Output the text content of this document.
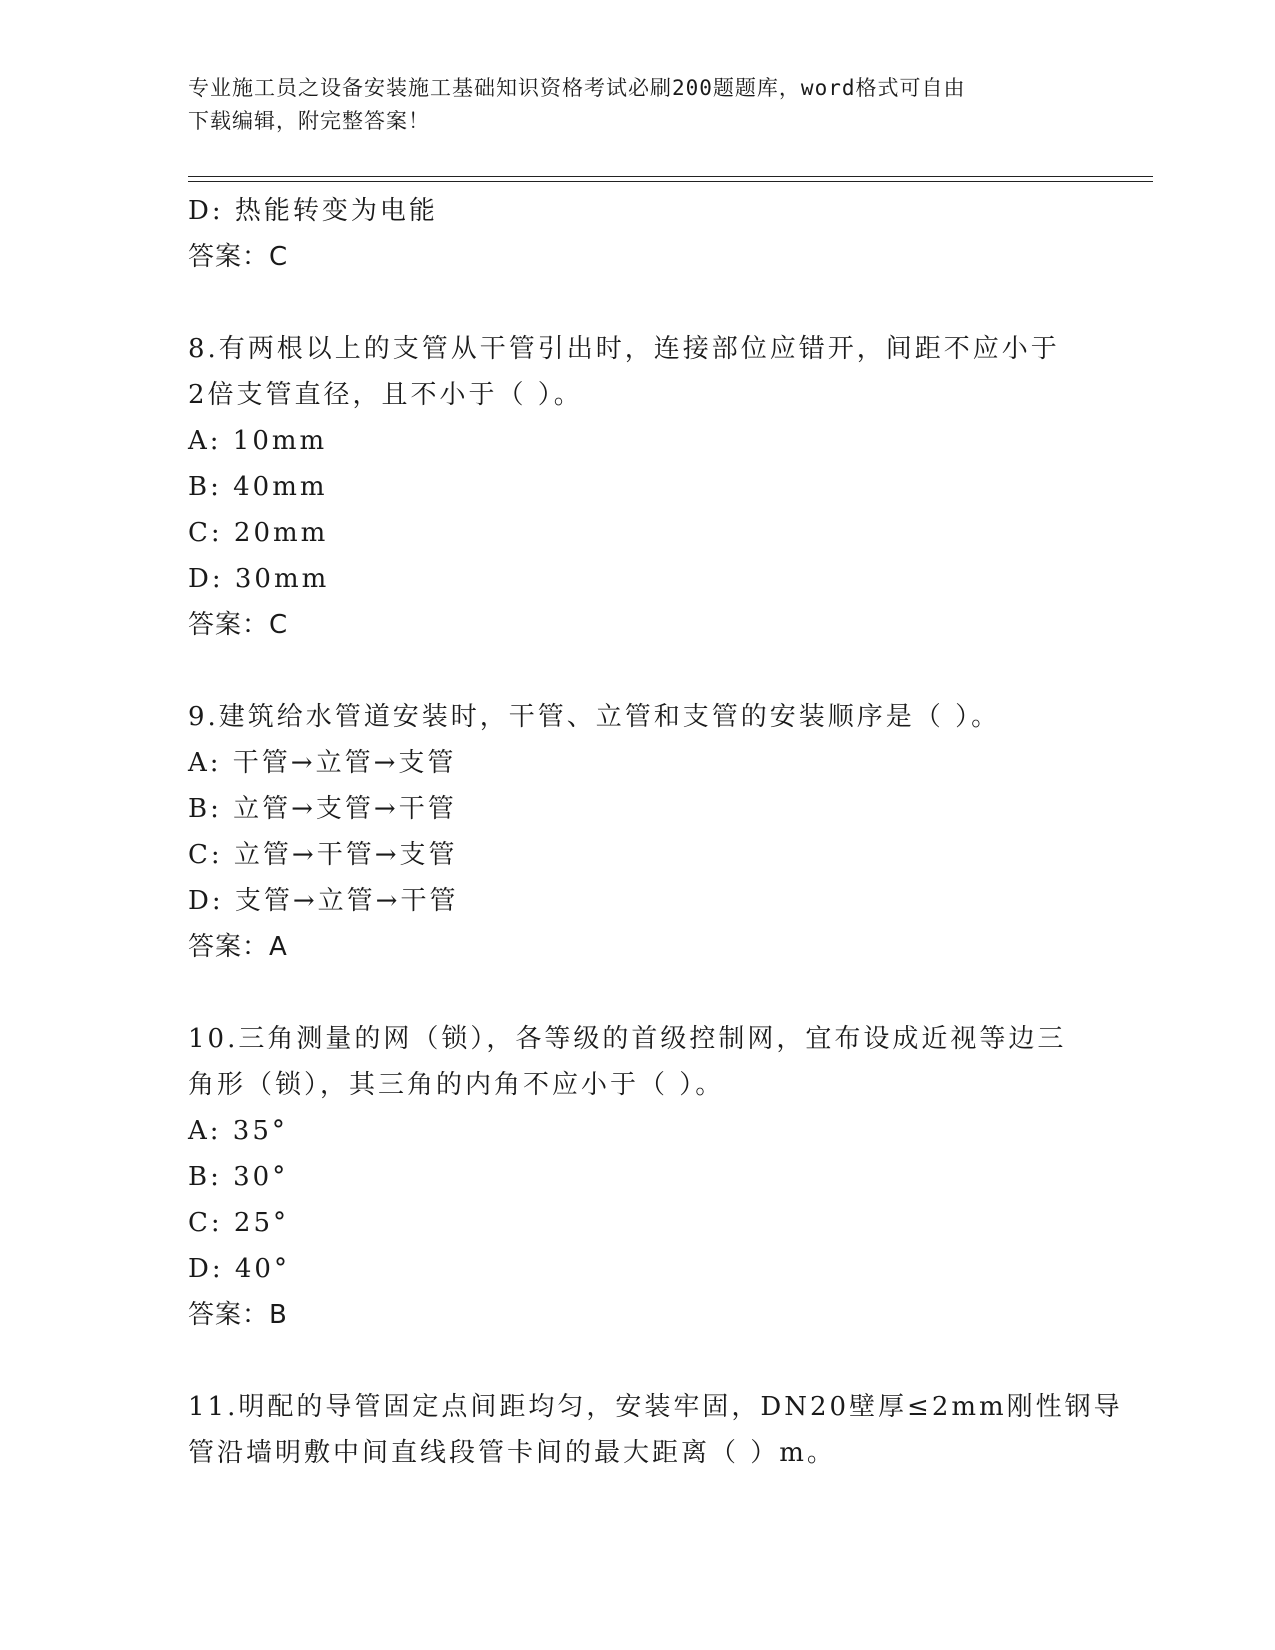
专业施工员之设备安装施工基础知识资格考试必刷200题题库，word格式可自由
下载编辑，附完整答案！
D: 热能转变为电能
答案：C
8.有两根以上的支管从干管引出时，连接部位应错开，间距不应小于
2倍支管直径，且不小于（ ）。
A: 10mm
B: 40mm
C: 20mm
D: 30mm
答案：C
9.建筑给水管道安装时，干管、立管和支管的安装顺序是（ ）。
A: 干管→立管→支管
B: 立管→支管→干管
C: 立管→干管→支管
D: 支管→立管→干管
答案：A
10.三角测量的网（锁），各等级的首级控制网，宜布设成近视等边三
角形（锁），其三角的内角不应小于（ ）。
A: 35°
B: 30°
C: 25°
D: 40°
答案：B
11.明配的导管固定点间距均匀，安装牢固，DN20壁厚≤2mm刚性钢导
管沿墙明敷中间直线段管卡间的最大距离（ ）m。
